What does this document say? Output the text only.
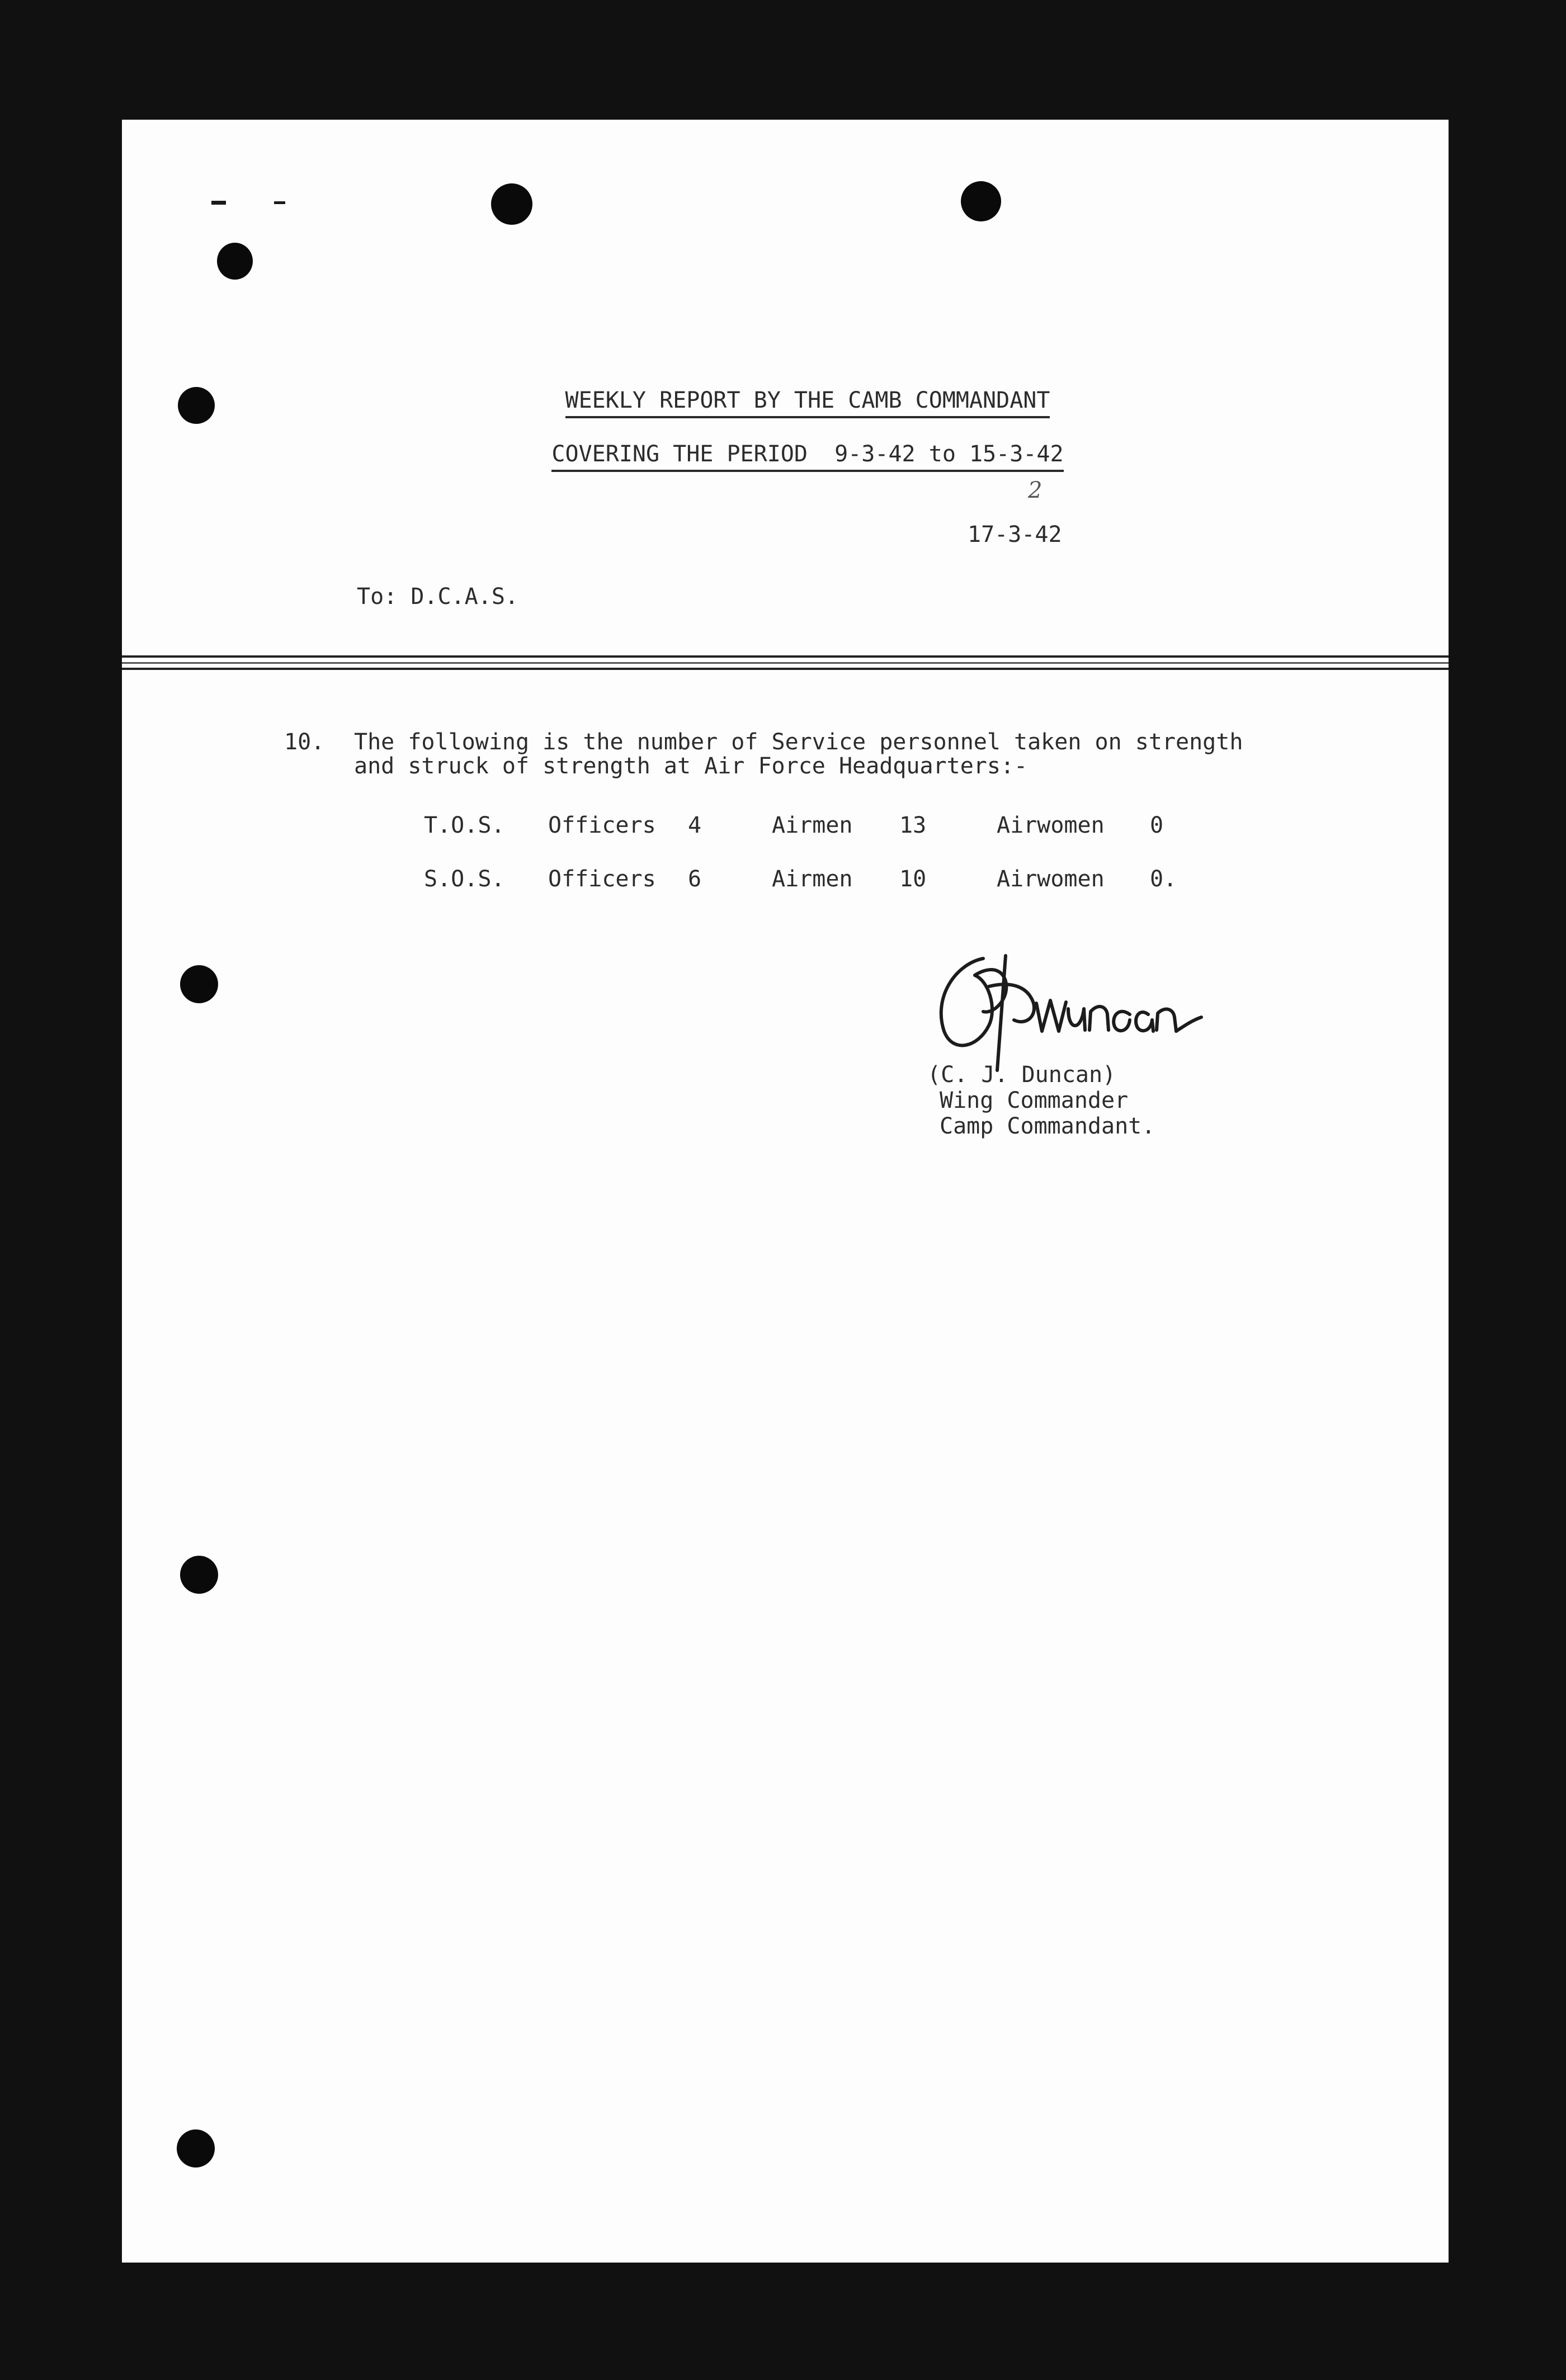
WEEKLY REPORT BY THE CAMB COMMANDANT
COVERING THE PERIOD 9-3-42 to 15-3-42
2
17-3-42
To: D.C.A.S.
10. The following is the number of Service personnel taken on strength
and struck of strength at Air Force Headquarters:-
T.O.S. Officers 4	Airmen 13	Airwomen 0
S.O.S. Officers 6	Airmen 10	Airwomen 0.
(C. J. Duncan)
Wing Commander
Camp Commandant.
